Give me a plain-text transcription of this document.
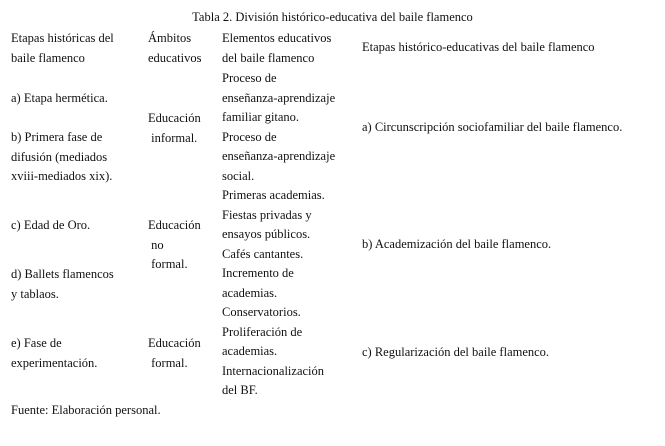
Tabla 2. División histórico-educativa del baile flamenco
Etapas históricas del
baile flamenco
Ámbitos
educativos
Elementos educativos
del baile flamenco
Etapas histórico-educativas del baile flamenco
a) Etapa hermética.
b) Primera fase de
difusión (mediados
xviii-mediados xix).
c) Edad de Oro.
d) Ballets flamencos
y tablaos.
e) Fase de
experimentación.
Educación
informal.
Educación
no
formal.
Educación
formal.
Proceso de
enseñanza-aprendizaje
familiar gitano.
Proceso de
enseñanza-aprendizaje
social.
Primeras academias.
Fiestas privadas y
ensayos públicos.
Cafés cantantes.
Incremento de
academias.
Conservatorios.
Proliferación de
academias.
Internacionalización
del BF.
a) Circunscripción sociofamiliar del baile flamenco.
b) Academización del baile flamenco.
c) Regularización del baile flamenco.
Fuente: Elaboración personal.
